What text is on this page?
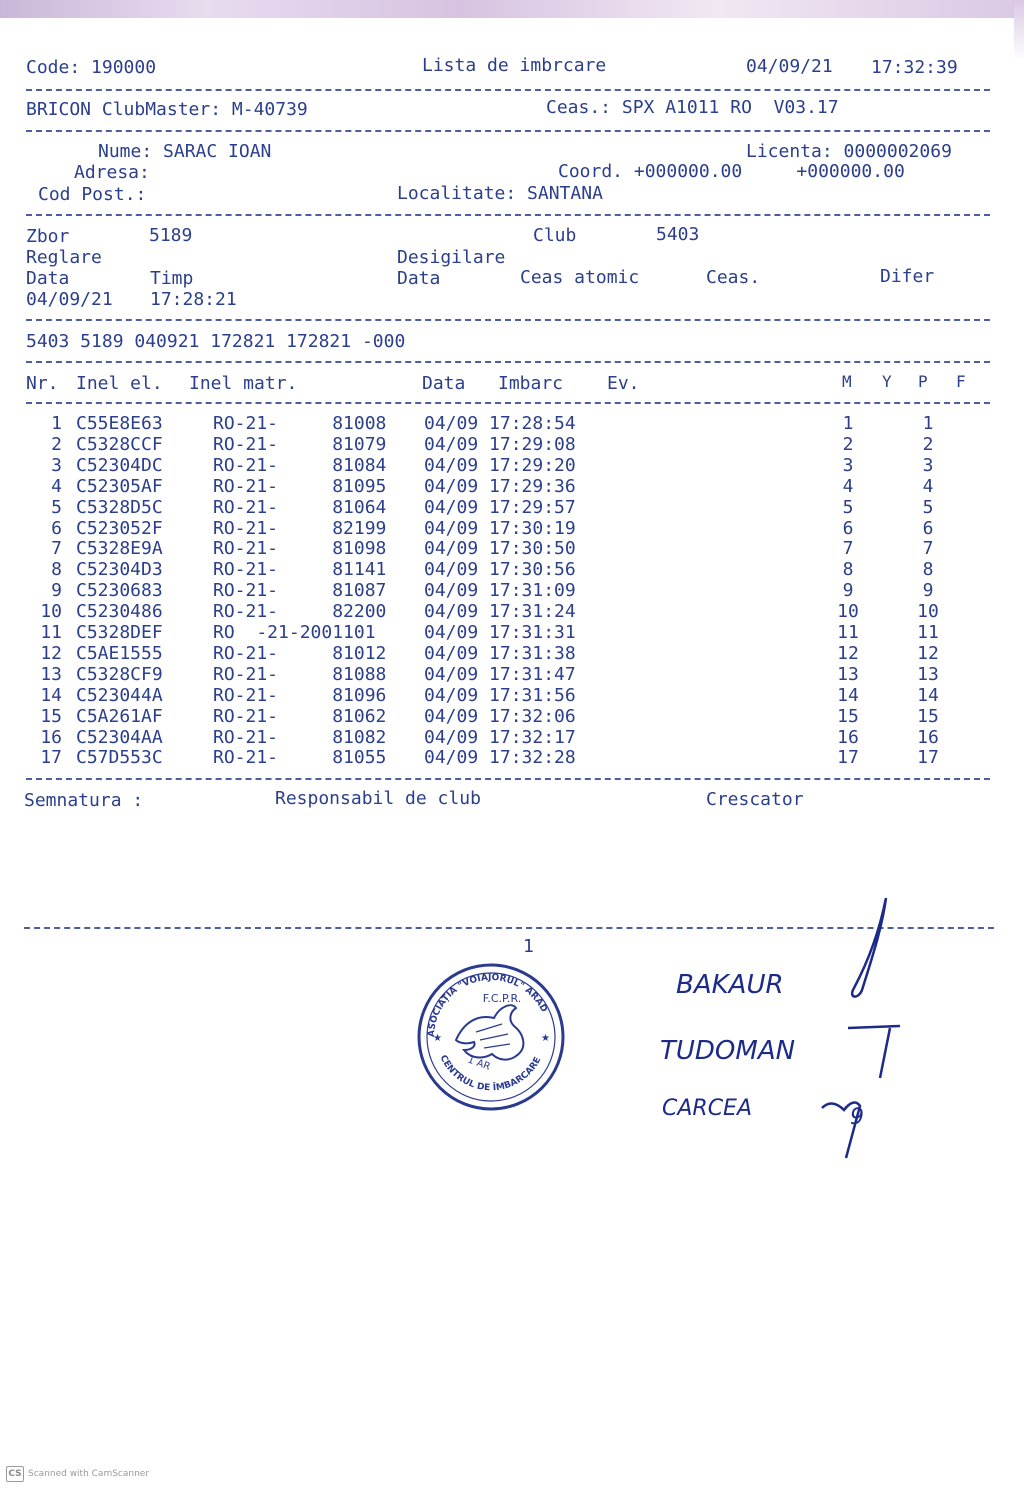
Code: 190000	Lista de imbrcare	04/09/21 17:32:39
BRICON ClubMaster: M-40739	Ceas.: SPX A1011 RO  V03.17
Nume: SARAC IOAN	Licenta: 0000002069
Adresa:	Coord. +000000.00     +000000.00
Cod Post.:	Localitate: SANTANA
Zbor	5189	Club	5403
Reglare	Desigilare
Data	Timp	Data	Ceas atomic	Ceas.	Difer
04/09/21 17:28:21
5403 5189 040921 172821 172821 -000
Nr. Inel el. Inel matr.	Data Imbarc Ev.	M Y P F
1 C55E8E63	RO-21-     81008 04/09 17:28:54	1	1
2 C5328CCF	RO-21-     81079 04/09 17:29:08	2	2
3 C52304DC	RO-21-     81084 04/09 17:29:20	3	3
4 C52305AF	RO-21-     81095 04/09 17:29:36	4	4
5 C5328D5C	RO-21-     81064 04/09 17:29:57	5	5
6 C523052F	RO-21-     82199 04/09 17:30:19	6	6
7 C5328E9A	RO-21-     81098 04/09 17:30:50	7	7
8 C52304D3	RO-21-     81141 04/09 17:30:56	8	8
9 C5230683	RO-21-     81087 04/09 17:31:09	9	9
10 C5230486	RO-21-     82200 04/09 17:31:24	10	10
11 C5328DEF	RO  -21-2001101	04/09 17:31:31	11	11
12 C5AE1555	RO-21-     81012 04/09 17:31:38	12	12
13 C5328CF9	RO-21-     81088 04/09 17:31:47	13	13
14 C523044A	RO-21-     81096 04/09 17:31:56	14	14
15 C5A261AF	RO-21-     81062 04/09 17:32:06	15	15
16 C52304AA	RO-21-     81082 04/09 17:32:17	16	16
17 C57D553C	RO-21-     81055 04/09 17:32:28	17	17
Semnatura :	Responsabil de club	Crescator
1
ASOCIAȚIA "VOIAJORUL" ARAD
CENTRUL DE ÎMBARCARE
F.C.P.R.
1 AR
★	★
BAKAUR
TUDOMAN
CARCEA	9
CS Scanned with CamScanner
